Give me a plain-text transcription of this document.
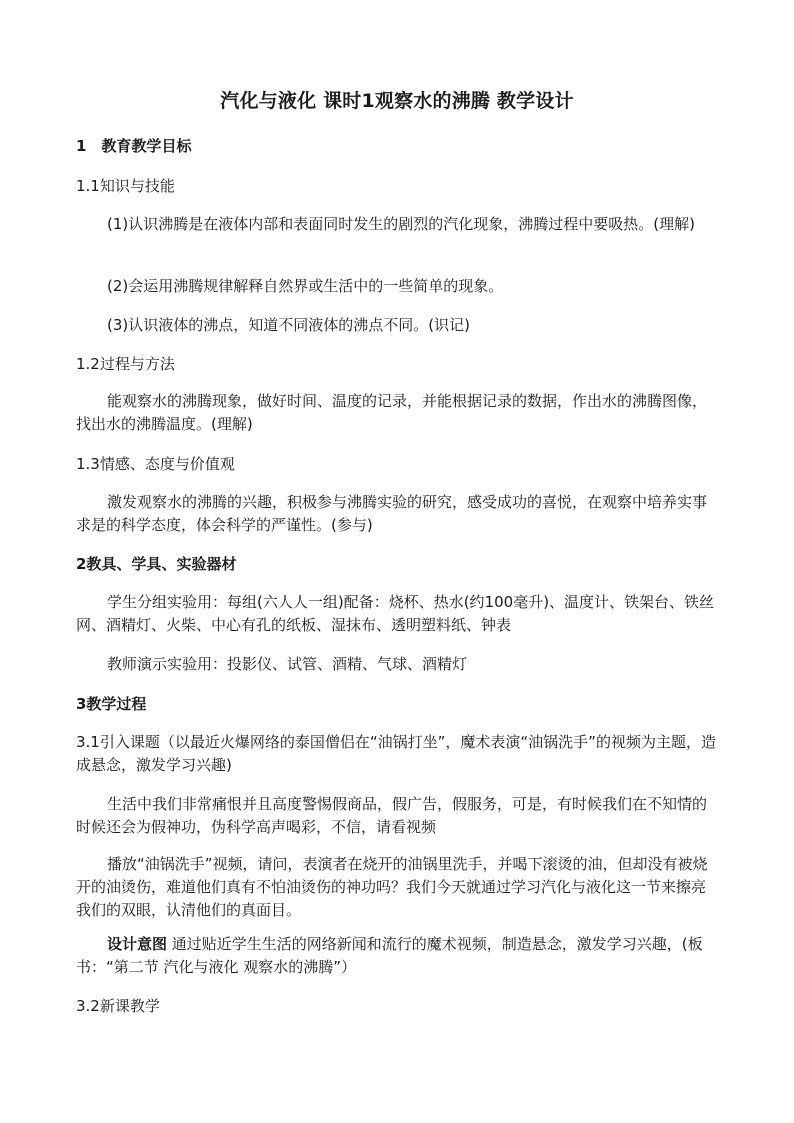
汽化与液化 课时1观察水的沸腾 教学设计

1　教育教学目标

1.1知识与技能

(1)认识沸腾是在液体内部和表面同时发生的剧烈的汽化现象，沸腾过程中要吸热。(理解)

(2)会运用沸腾规律解释自然界或生活中的一些简单的现象。

(3)认识液体的沸点，知道不同液体的沸点不同。(识记)

1.2过程与方法

能观察水的沸腾现象，做好时间、温度的记录，并能根据记录的数据，作出水的沸腾图像，找出水的沸腾温度。(理解)

1.3情感、态度与价值观

激发观察水的沸腾的兴趣，积极参与沸腾实验的研究，感受成功的喜悦，在观察中培养实事求是的科学态度，体会科学的严谨性。(参与)

2教具、学具、实验器材

学生分组实验用：每组(六人人一组)配备：烧杯、热水(约100毫升)、温度计、铁架台、铁丝网、酒精灯、火柴、中心有孔的纸板、湿抹布、透明塑料纸、钟表

教师演示实验用：投影仪、试管、酒精、气球、酒精灯

3教学过程

3.1引入课题（以最近火爆网络的泰国僧侣在“油锅打坐”，魔术表演“油锅洗手”的视频为主题，造成悬念，激发学习兴趣)

生活中我们非常痛恨并且高度警惕假商品，假广告，假服务，可是，有时候我们在不知情的时候还会为假神功，伪科学高声喝彩，不信，请看视频

播放“油锅洗手”视频，请问，表演者在烧开的油锅里洗手，并喝下滚烫的油，但却没有被烧开的油烫伤，难道他们真有不怕油烫伤的神功吗？我们今天就通过学习汽化与液化这一节来擦亮我们的双眼，认清他们的真面目。

设计意图 通过贴近学生生活的网络新闻和流行的魔术视频，制造悬念，激发学习兴趣，(板书：“第二节 汽化与液化 观察水的沸腾”）

3.2新课教学
